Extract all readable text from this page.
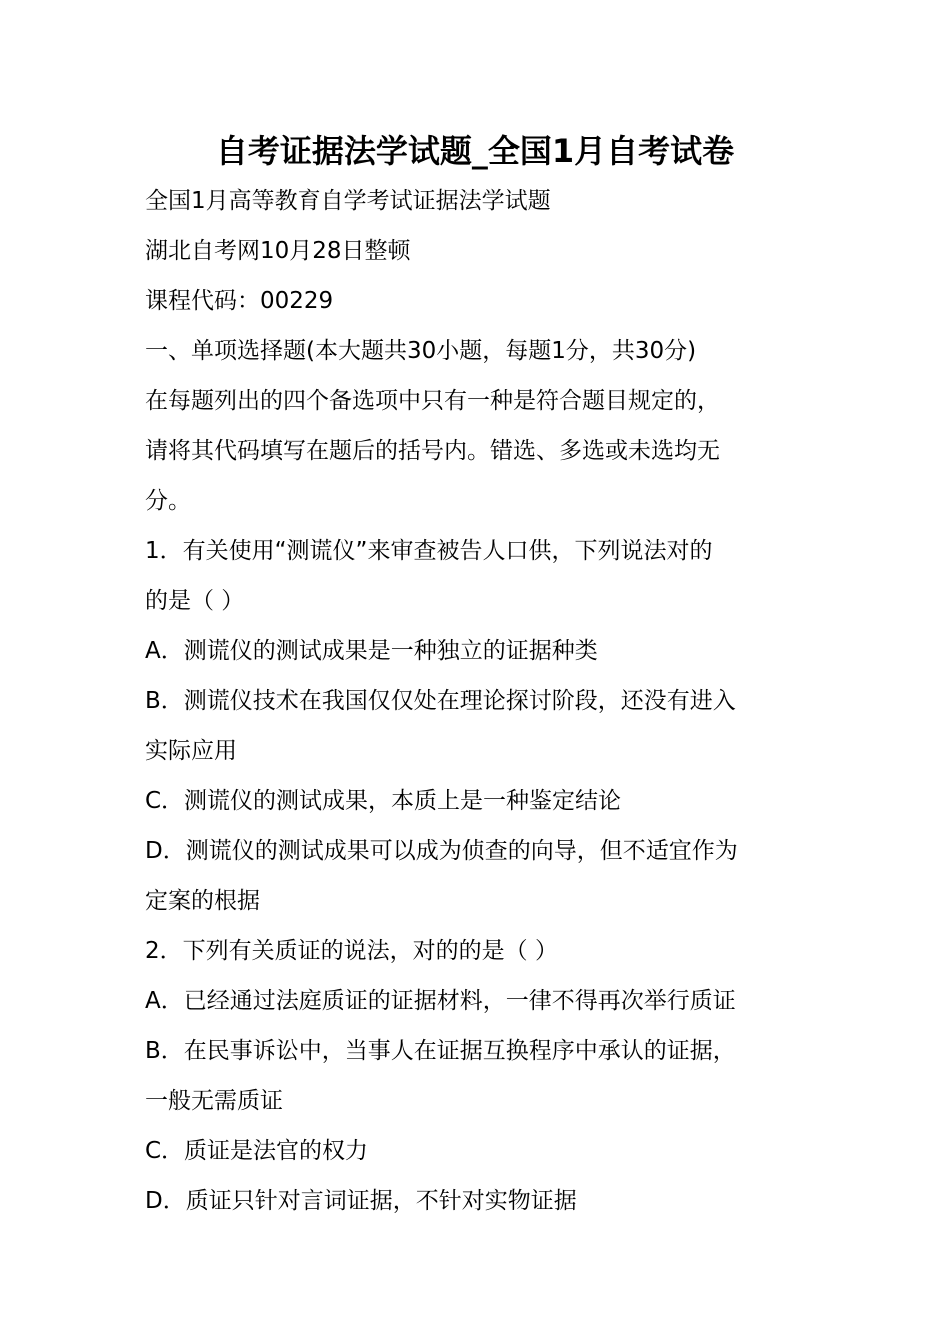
自考证据法学试题_全国1月自考试卷
全国1月高等教育自学考试证据法学试题
湖北自考网10月28日整顿
课程代码：00229
一、单项选择题(本大题共30小题，每题1分，共30分)
在每题列出的四个备选项中只有一种是符合题目规定的，
请将其代码填写在题后的括号内。错选、多选或未选均无
分。
1．有关使用“测谎仪”来审查被告人口供，下列说法对的
的是（ ）
A．测谎仪的测试成果是一种独立的证据种类
B．测谎仪技术在我国仅仅处在理论探讨阶段，还没有进入
实际应用
C．测谎仪的测试成果，本质上是一种鉴定结论
D．测谎仪的测试成果可以成为侦查的向导，但不适宜作为
定案的根据
2．下列有关质证的说法，对的的是（ ）
A．已经通过法庭质证的证据材料，一律不得再次举行质证
B．在民事诉讼中，当事人在证据互换程序中承认的证据，
一般无需质证
C．质证是法官的权力
D．质证只针对言词证据，不针对实物证据
